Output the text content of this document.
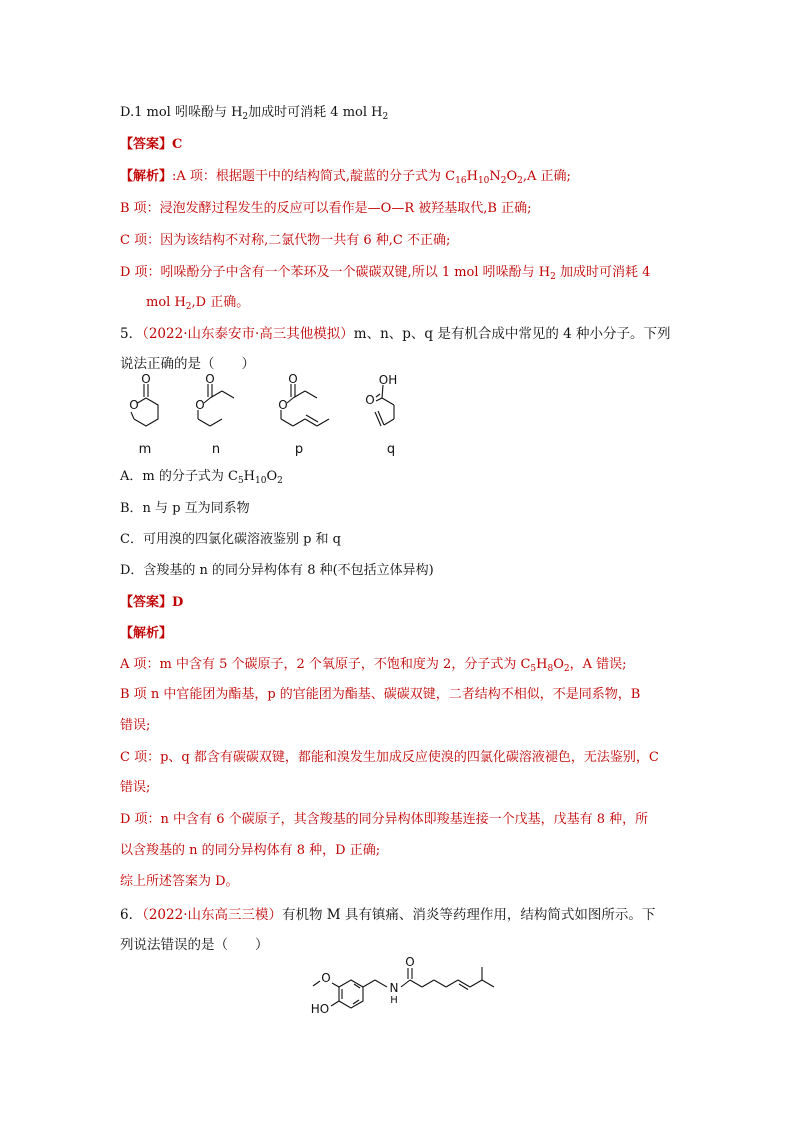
D.1 mol 吲哚酚与 $H_2$加成时可消耗 4 mol $H_2$
【答案】C
【解析】:A 项：根据题干中的结构简式,靛蓝的分子式为 $C_{16}H_{10}N_2O_2,A$ 正确;
B 项：浸泡发酵过程发生的反应可以看作是—O—R 被羟基取代,B 正确;
C 项：因为该结构不对称,二氯代物一共有 6 种,C 不正确;
D 项：吲哚酚分子中含有一个苯环及一个碳碳双键,所以 1 mol 吲哚酚与 $H_2$ 加成时可消耗 4
mol $H_2,D$ 正确。
5．（2022·山东泰安市·高三其他模拟）m、n、p、q 是有机合成中常见的 4 种小分子。下列
说法正确的是（　　）
O
O
O
O
O
O
OH
O
m	n	p	q
A．m 的分子式为 $C_5H_{10}O_2$
B．n 与 p 互为同系物
C．可用溴的四氯化碳溶液鉴别 p 和 q
D．含羧基的 n 的同分异构体有 8 种(不包括立体异构)
【答案】D
【解析】
A 项：m 中含有 5 个碳原子，2 个氧原子，不饱和度为 2，分子式为 $C_5H_8O_2$，A 错误;
B 项 n 中官能团为酯基，p 的官能团为酯基、碳碳双键，二者结构不相似，不是同系物，B
错误;
C 项：p、q 都含有碳碳双键，都能和溴发生加成反应使溴的四氯化碳溶液褪色，无法鉴别，C
错误;
D 项：n 中含有 6 个碳原子，其含羧基的同分异构体即羧基连接一个戊基，戊基有 8 种，所
以含羧基的 n 的同分异构体有 8 种，D 正确;
综上所述答案为 D。
6．（2022·山东高三三模）有机物 M 具有镇痛、消炎等药理作用，结构简式如图所示。下
列说法错误的是（　　）
O
N
H
O
HO
